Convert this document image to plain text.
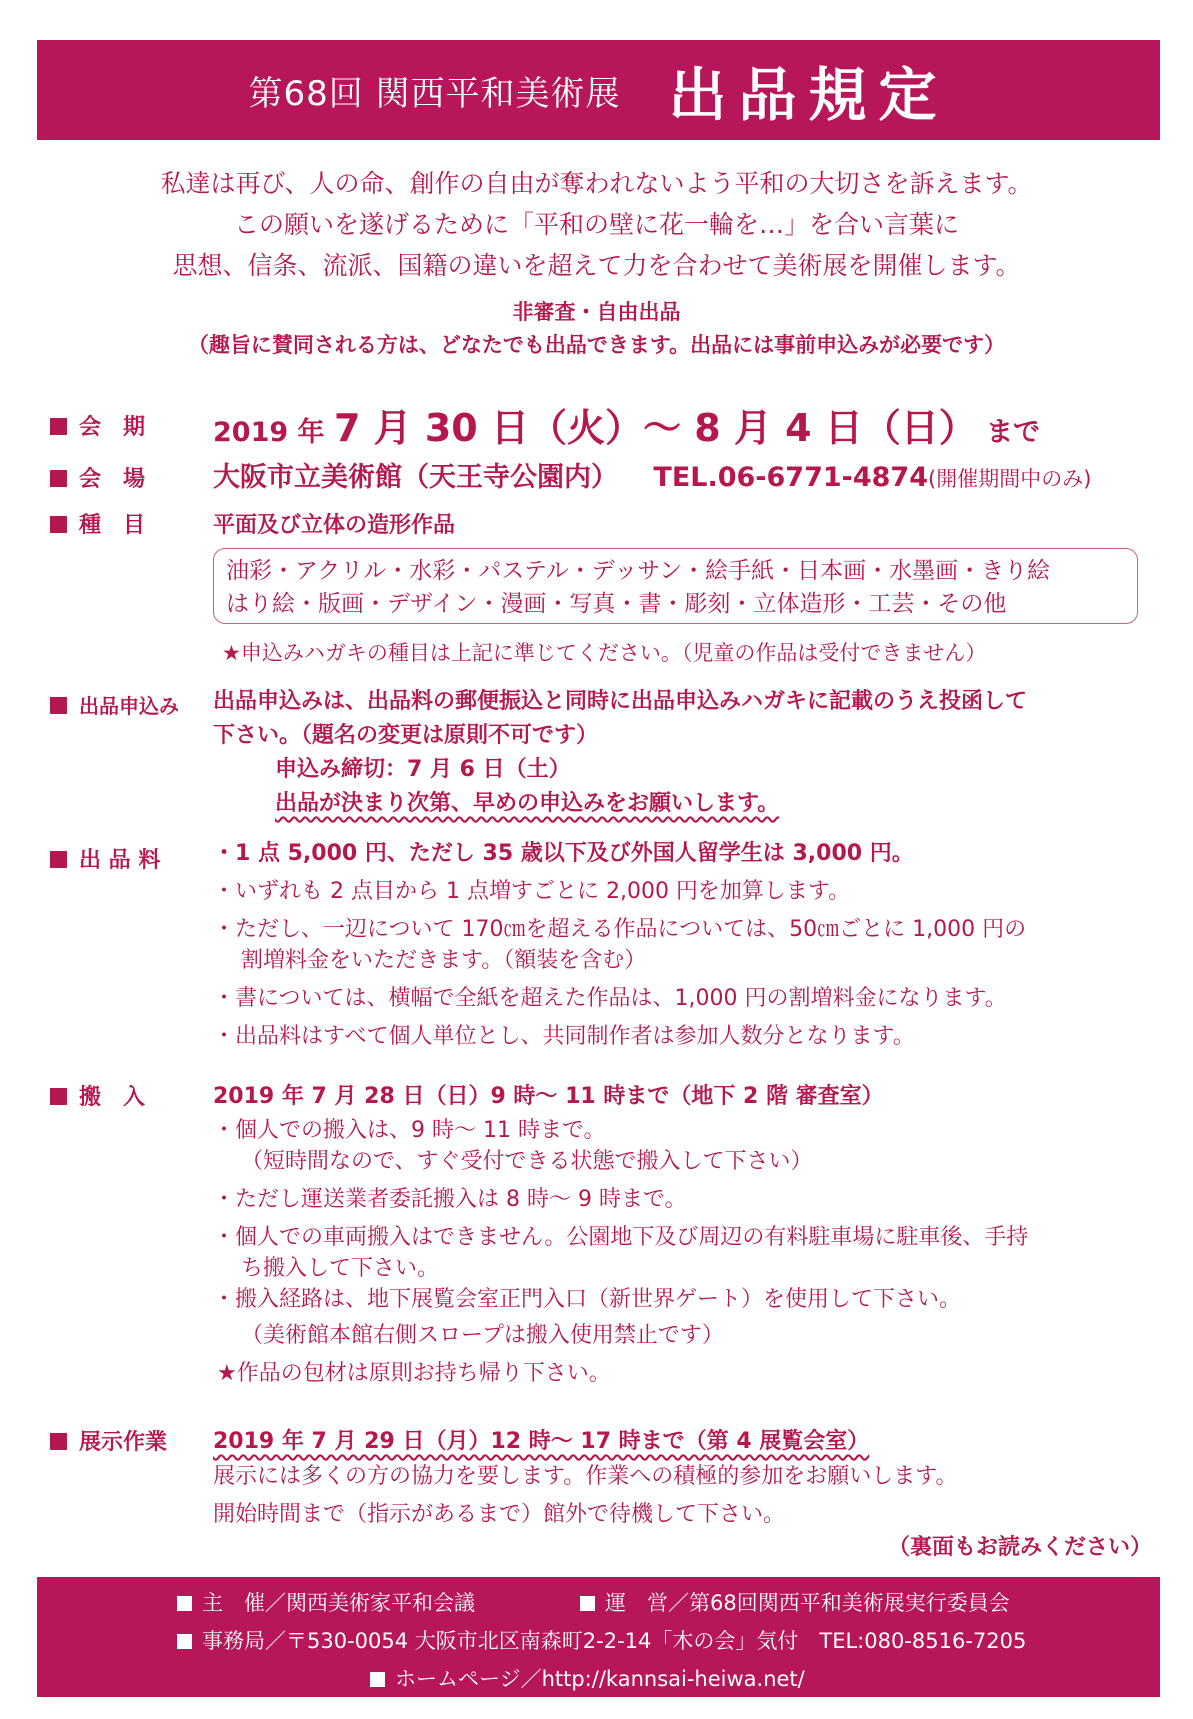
第68回 関西平和美術展 出品規定
私達は再び、人の命、創作の自由が奪われないよう平和の大切さを訴えます。
この願いを遂げるために「平和の壁に花一輪を…」を合い言葉に
思想、信条、流派、国籍の違いを超えて力を合わせて美術展を開催します。
非審査・自由出品
（趣旨に賛同される方は、どなたでも出品できます。出品には事前申込みが必要です）
会　期	2019 年 7 月 30 日（火）〜 8 月 4 日（日） まで
会　場	大阪市立美術館（天王寺公園内） TEL.06-6771-4874(開催期間中のみ)
種　目	平面及び立体の造形作品
油彩・アクリル・水彩・パステル・デッサン・絵手紙・日本画・水墨画・きり絵
はり絵・版画・デザイン・漫画・写真・書・彫刻・立体造形・工芸・その他
★申込みハガキの種目は上記に準じてください。（児童の作品は受付できません）
出品申込み 出品申込みは、出品料の郵便振込と同時に出品申込みハガキに記載のうえ投函して
下さい。（題名の変更は原則不可です）
申込み締切：7 月 6 日（土）
出品が決まり次第、早めの申込みをお願いします。
出 品 料 ・1 点 5,000 円、ただし 35 歳以下及び外国人留学生は 3,000 円。
・いずれも 2 点目から 1 点増すごとに 2,000 円を加算します。
・ただし、一辺について 170㎝を超える作品については、50㎝ごとに 1,000 円の
割増料金をいただきます。（額装を含む）
・書については、横幅で全紙を超えた作品は、1,000 円の割増料金になります。
・出品料はすべて個人単位とし、共同制作者は参加人数分となります。
搬　入	2019 年 7 月 28 日（日）9 時〜 11 時まで（地下 2 階 審査室）
・個人での搬入は、9 時〜 11 時まで。
（短時間なので、すぐ受付できる状態で搬入して下さい）
・ただし運送業者委託搬入は 8 時〜 9 時まで。
・個人での車両搬入はできません。公園地下及び周辺の有料駐車場に駐車後、手持
ち搬入して下さい。
・搬入経路は、地下展覧会室正門入口（新世界ゲート）を使用して下さい。
（美術館本館右側スロープは搬入使用禁止です）
★作品の包材は原則お持ち帰り下さい。
展示作業 2019 年 7 月 29 日（月）12 時〜 17 時まで（第 4 展覧会室）
展示には多くの方の協力を要します。作業への積極的参加をお願いします。
開始時間まで（指示があるまで）館外で待機して下さい。
（裏面もお読みください）
主　催／関西美術家平和会議	運　営／第68回関西平和美術展実行委員会
事務局／〒530-0054 大阪市北区南森町2-2-14「木の会」気付　TEL:080-8516-7205
ホームページ／http://kannsai-heiwa.net/
